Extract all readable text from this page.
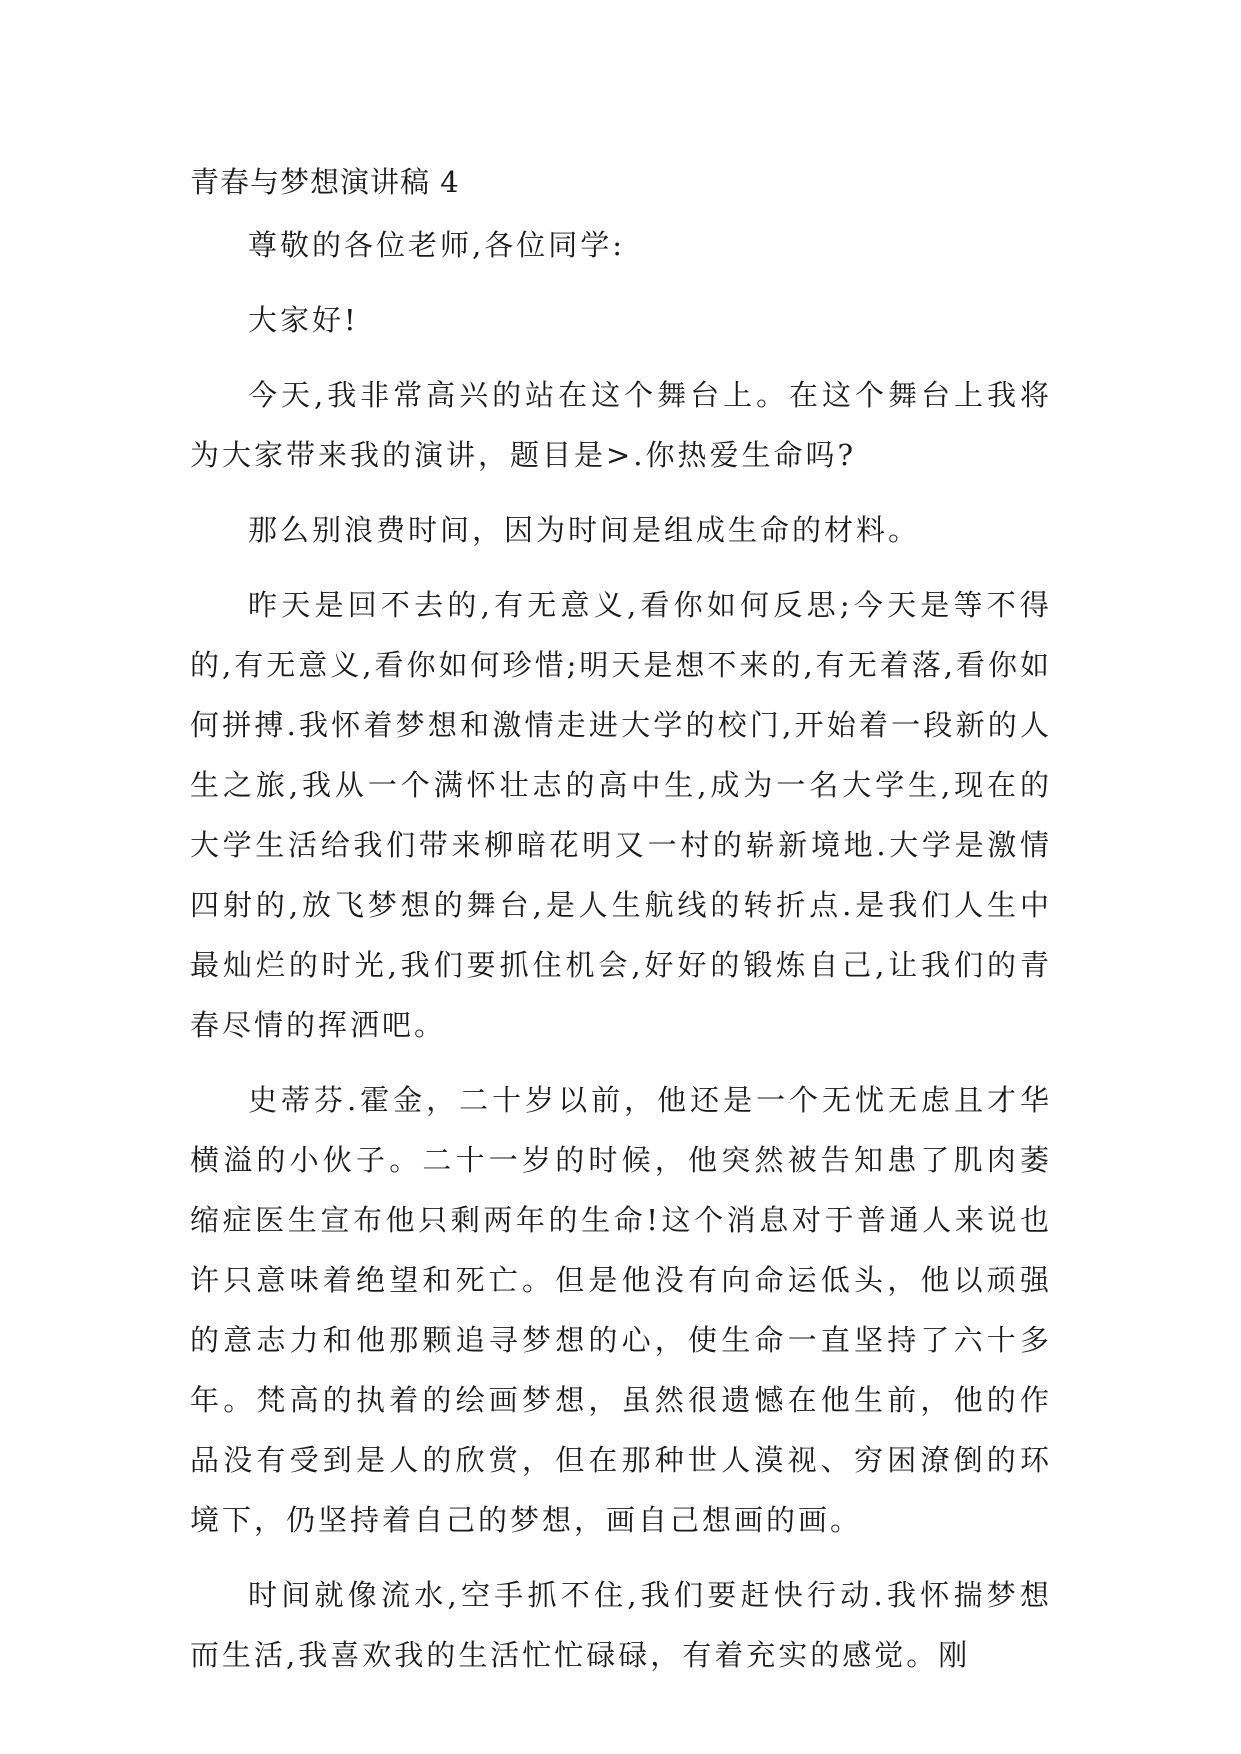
青春与梦想演讲稿 4

尊敬的各位老师,各位同学:

大家好!

今天,我非常高兴的站在这个舞台上。在这个舞台上我将为大家带来我的演讲，题目是>.你热爱生命吗?

那么别浪费时间，因为时间是组成生命的材料。

昨天是回不去的,有无意义,看你如何反思;今天是等不得的,有无意义,看你如何珍惜;明天是想不来的,有无着落,看你如何拼搏.我怀着梦想和激情走进大学的校门,开始着一段新的人生之旅,我从一个满怀壮志的高中生,成为一名大学生,现在的大学生活给我们带来柳暗花明又一村的崭新境地.大学是激情四射的,放飞梦想的舞台,是人生航线的转折点.是我们人生中最灿烂的时光,我们要抓住机会,好好的锻炼自己,让我们的青春尽情的挥洒吧。

史蒂芬.霍金，二十岁以前，他还是一个无忧无虑且才华横溢的小伙子。二十一岁的时候，他突然被告知患了肌肉萎缩症医生宣布他只剩两年的生命!这个消息对于普通人来说也许只意味着绝望和死亡。但是他没有向命运低头，他以顽强的意志力和他那颗追寻梦想的心，使生命一直坚持了六十多年。梵高的执着的绘画梦想，虽然很遗憾在他生前，他的作品没有受到是人的欣赏，但在那种世人漠视、穷困潦倒的环境下，仍坚持着自己的梦想，画自己想画的画。

时间就像流水,空手抓不住,我们要赶快行动.我怀揣梦想而生活,我喜欢我的生活忙忙碌碌，有着充实的感觉。刚
